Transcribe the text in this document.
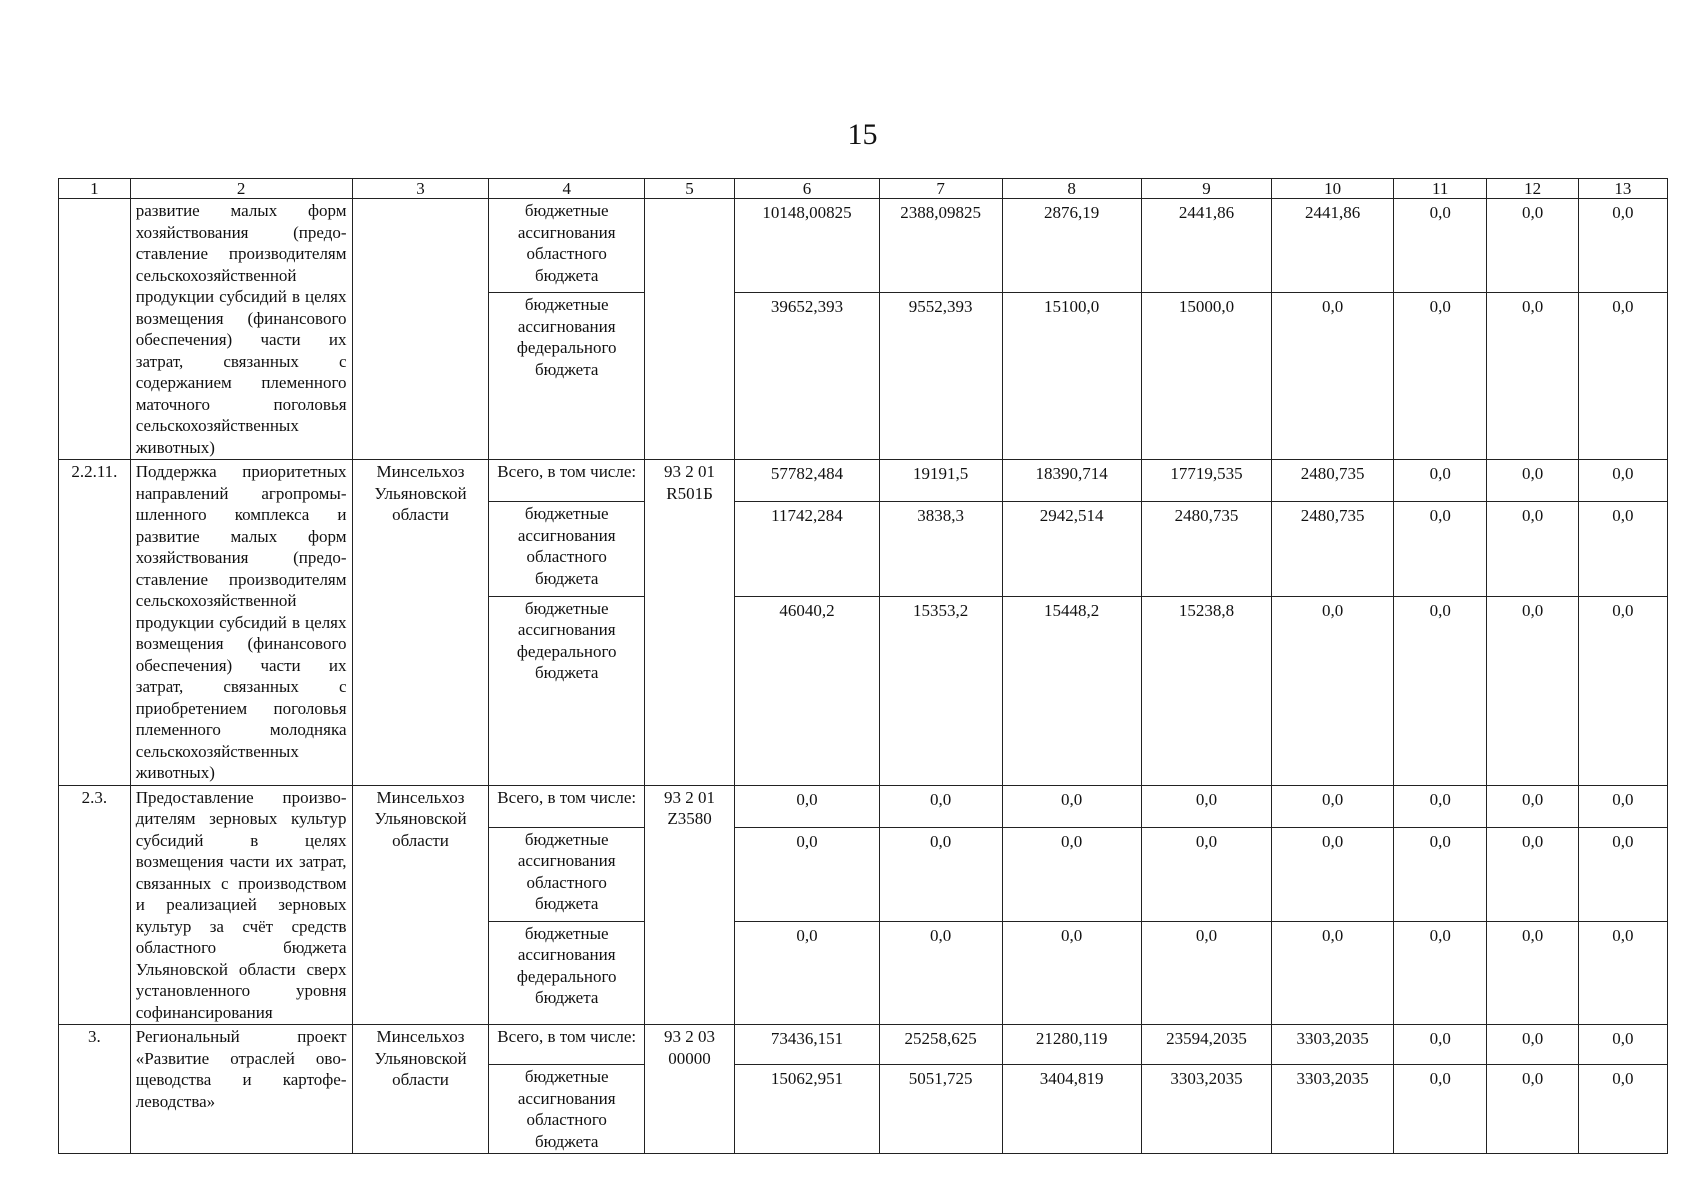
15
1	2	3	4	5	6	7	8	9	10	11	12	13
	развитие малых форм хозяйствования (предоставление производителям сельскохозяйственной продукции субсидий в целях возмещения (финансового обеспечения) части их затрат, связанных с содержанием племенного маточного поголовья сельскохозяйственных животных)		бюджетные ассигнования областного бюджета		10148,00825	2388,09825	2876,19	2441,86	2441,86	0,0	0,0	0,0
			бюджетные ассигнования федерального бюджета		39652,393	9552,393	15100,0	15000,0	0,0	0,0	0,0	0,0
2.2.11.	Поддержка приоритетных направлений агропромышленного комплекса и развитие малых форм хозяйствования (предоставление производителям сельскохозяйственной продукции субсидий в целях возмещения (финансового обеспечения) части их затрат, связанных с приобретением поголовья племенного молодняка сельскохозяйственных животных)	Минсельхоз Ульяновской области	Всего, в том числе:	93 2 01 R501Б	57782,484	19191,5	18390,714	17719,535	2480,735	0,0	0,0	0,0
			бюджетные ассигнования областного бюджета		11742,284	3838,3	2942,514	2480,735	2480,735	0,0	0,0	0,0
			бюджетные ассигнования федерального бюджета		46040,2	15353,2	15448,2	15238,8	0,0	0,0	0,0	0,0
2.3.	Предоставление производителям зерновых культур субсидий в целях возмещения части их затрат, связанных с производством и реализацией зерновых культур за счёт средств областного бюджета Ульяновской области сверх установленного уровня софинансирования	Минсельхоз Ульяновской области	Всего, в том числе:	93 2 01 Z3580	0,0	0,0	0,0	0,0	0,0	0,0	0,0	0,0
			бюджетные ассигнования областного бюджета		0,0	0,0	0,0	0,0	0,0	0,0	0,0	0,0
			бюджетные ассигнования федерального бюджета		0,0	0,0	0,0	0,0	0,0	0,0	0,0	0,0
3.	Региональный проект «Развитие отраслей овощеводства и картофелеводства»	Минсельхоз Ульяновской области	Всего, в том числе:	93 2 03 00000	73436,151	25258,625	21280,119	23594,2035	3303,2035	0,0	0,0	0,0
			бюджетные ассигнования областного бюджета		15062,951	5051,725	3404,819	3303,2035	3303,2035	0,0	0,0	0,0
